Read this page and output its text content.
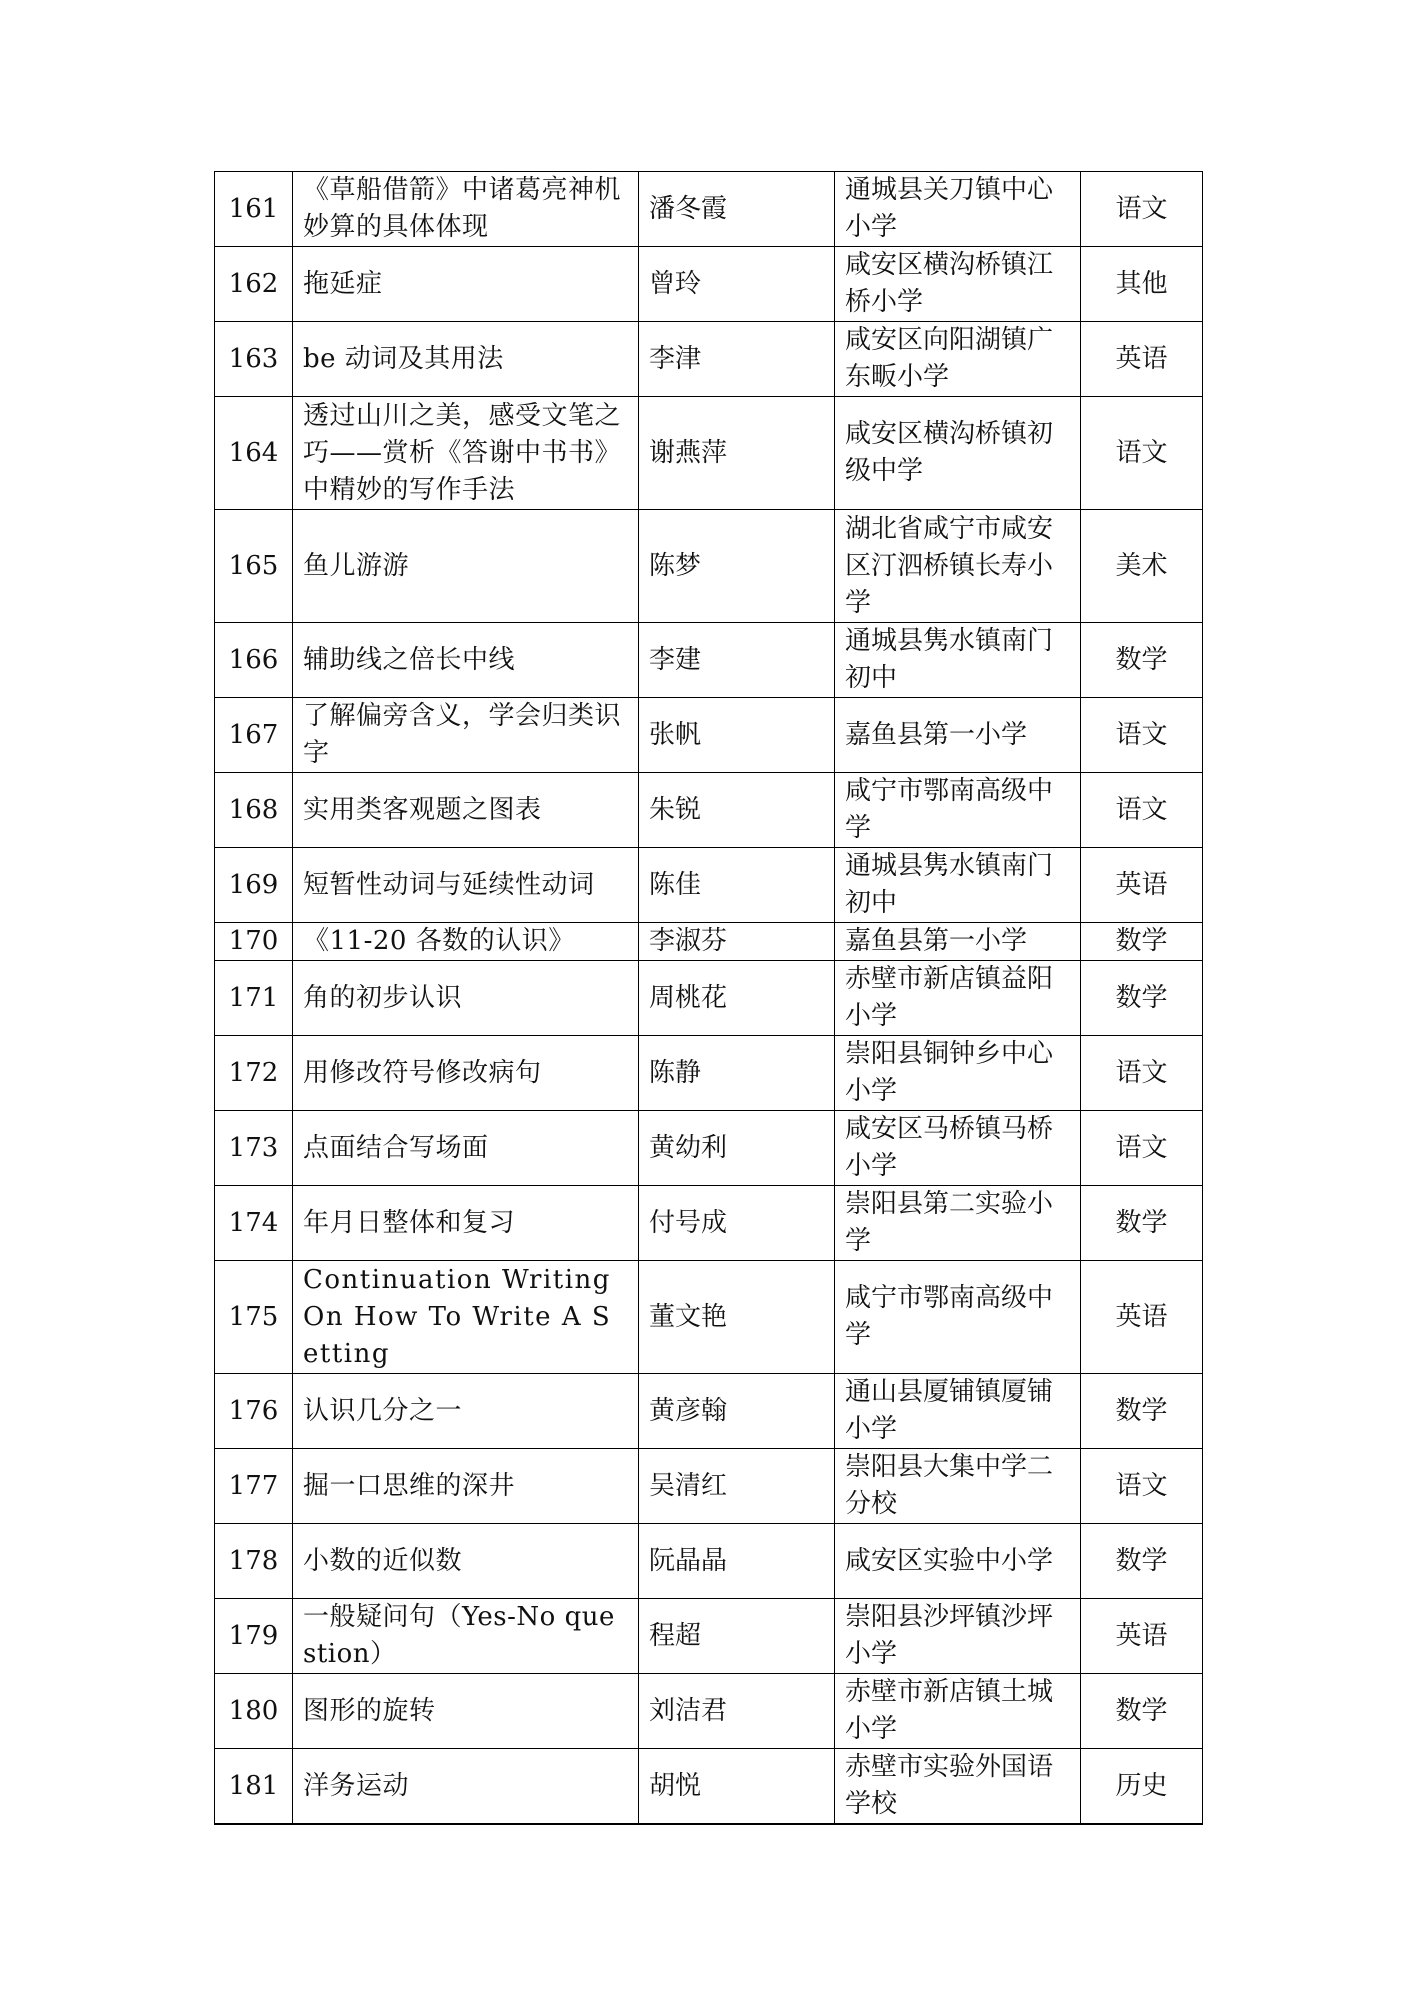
161	《草船借箭》中诸葛亮神机妙算的具体体现	潘冬霞	通城县关刀镇中心小学	语文
162	拖延症	曾玲	咸安区横沟桥镇江桥小学	其他
163	be 动词及其用法	李津	咸安区向阳湖镇广东畈小学	英语
164	透过山川之美，感受文笔之巧——赏析《答谢中书书》中精妙的写作手法	谢燕萍	咸安区横沟桥镇初级中学	语文
165	鱼儿游游	陈梦	湖北省咸宁市咸安区汀泗桥镇长寿小学	美术
166	辅助线之倍长中线	李建	通城县隽水镇南门初中	数学
167	了解偏旁含义，学会归类识字	张帆	嘉鱼县第一小学	语文
168	实用类客观题之图表	朱锐	咸宁市鄂南高级中学	语文
169	短暂性动词与延续性动词	陈佳	通城县隽水镇南门初中	英语
170	《11-20 各数的认识》	李淑芬	嘉鱼县第一小学	数学
171	角的初步认识	周桃花	赤壁市新店镇益阳小学	数学
172	用修改符号修改病句	陈静	崇阳县铜钟乡中心小学	语文
173	点面结合写场面	黄幼利	咸安区马桥镇马桥小学	语文
174	年月日整体和复习	付号成	崇阳县第二实验小学	数学
175	Continuation Writing On How To Write A Setting	董文艳	咸宁市鄂南高级中学	英语
176	认识几分之一	黄彦翰	通山县厦铺镇厦铺小学	数学
177	掘一口思维的深井	吴清红	崇阳县大集中学二分校	语文
178	小数的近似数	阮晶晶	咸安区实验中小学	数学
179	一般疑问句（Yes-No question）	程超	崇阳县沙坪镇沙坪小学	英语
180	图形的旋转	刘洁君	赤壁市新店镇土城小学	数学
181	洋务运动	胡悦	赤壁市实验外国语学校	历史
